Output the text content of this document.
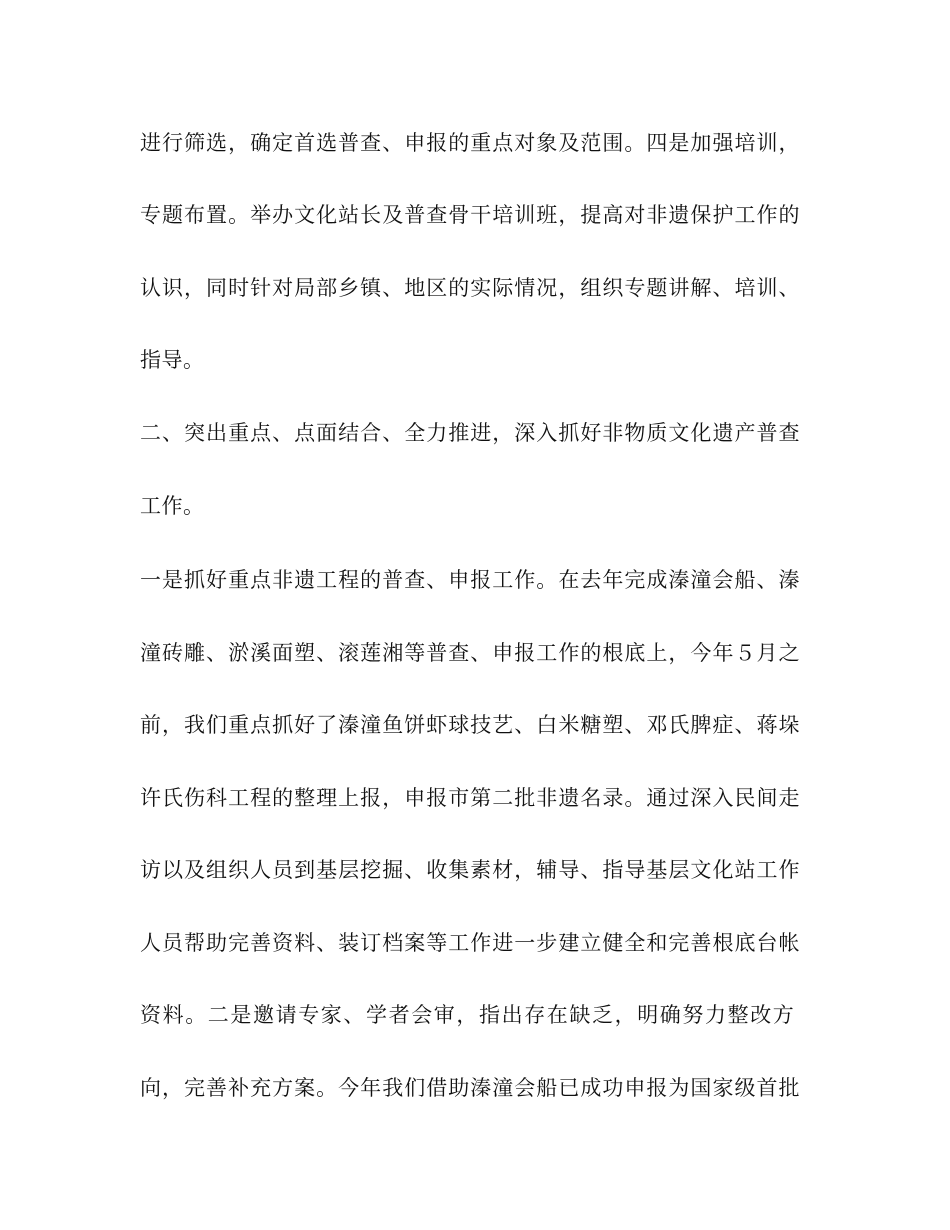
进行筛选，确定首选普查、申报的重点对象及范围。四是加强培训，
专题布置。举办文化站长及普查骨干培训班，提高对非遗保护工作的
认识，同时针对局部乡镇、地区的实际情况，组织专题讲解、培训、
指导。
二、突出重点、点面结合、全力推进，深入抓好非物质文化遗产普查
工作。
一是抓好重点非遗工程的普查、申报工作。在去年完成溱潼会船、溱
潼砖雕、淤溪面塑、滚莲湘等普查、申报工作的根底上，今年５月之
前，我们重点抓好了溱潼鱼饼虾球技艺、白米糖塑、邓氏脾症、蒋垛
许氏伤科工程的整理上报，申报市第二批非遗名录。通过深入民间走
访以及组织人员到基层挖掘、收集素材，辅导、指导基层文化站工作
人员帮助完善资料、装订档案等工作进一步建立健全和完善根底台帐
资料。二是邀请专家、学者会审，指出存在缺乏，明确努力整改方
向，完善补充方案。今年我们借助溱潼会船已成功申报为国家级首批
